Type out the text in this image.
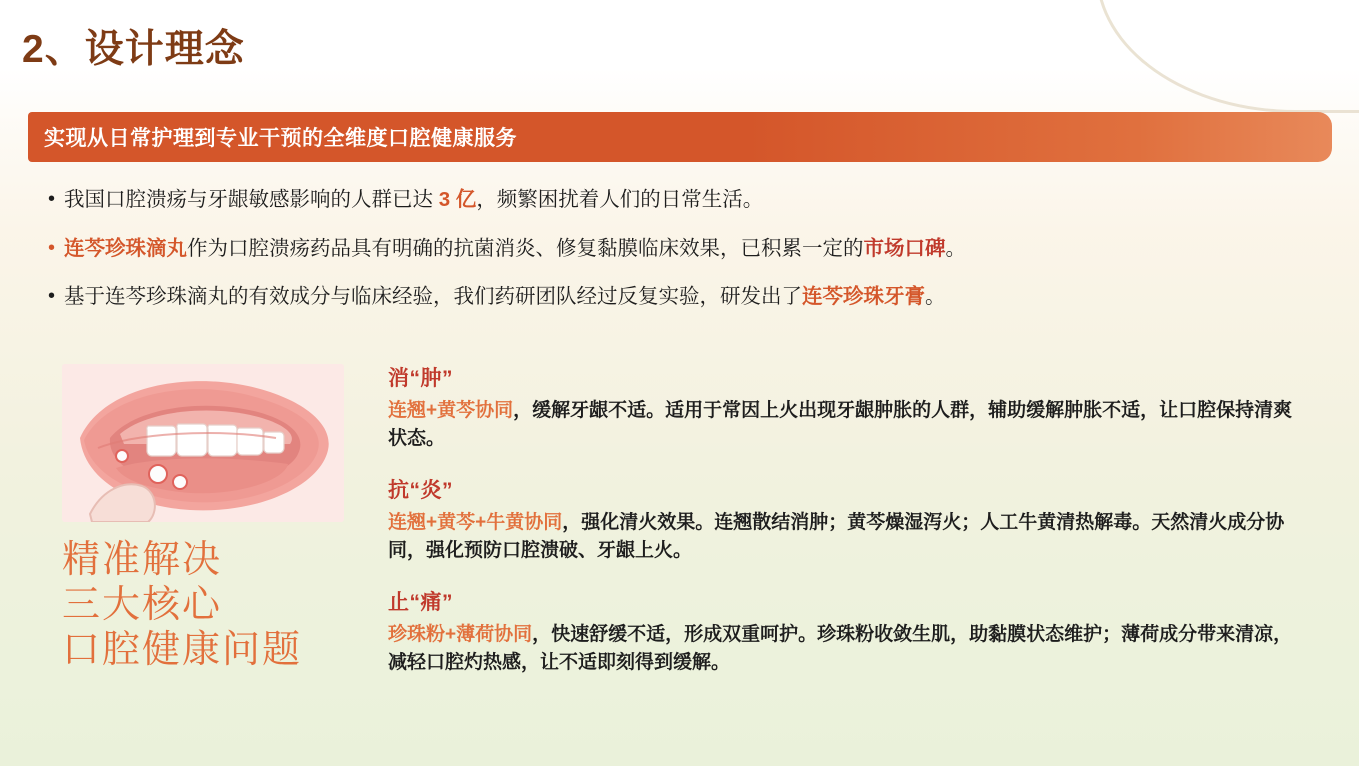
2、设计理念
实现从日常护理到专业干预的全维度口腔健康服务
• 我国口腔溃疡与牙龈敏感影响的人群已达 3 亿，频繁困扰着人们的日常生活。
• 连芩珍珠滴丸作为口腔溃疡药品具有明确的抗菌消炎、修复黏膜临床效果，已积累一定的市场口碑。
• 基于连芩珍珠滴丸的有效成分与临床经验，我们药研团队经过反复实验，研发出了连芩珍珠牙膏。
精准解决
三大核心
口腔健康问题
消“肿”
连翘+黄芩协同，缓解牙龈不适。适用于常因上火出现牙龈肿胀的人群，辅助缓解肿胀不适，让口腔保持清爽状态。
抗“炎”
连翘+黄芩+牛黄协同，强化清火效果。连翘散结消肿；黄芩燥湿泻火；人工牛黄清热解毒。天然清火成分协同，强化预防口腔溃破、牙龈上火。
止“痛”
珍珠粉+薄荷协同，快速舒缓不适，形成双重呵护。珍珠粉收敛生肌，助黏膜状态维护；薄荷成分带来清凉，减轻口腔灼热感，让不适即刻得到缓解。
